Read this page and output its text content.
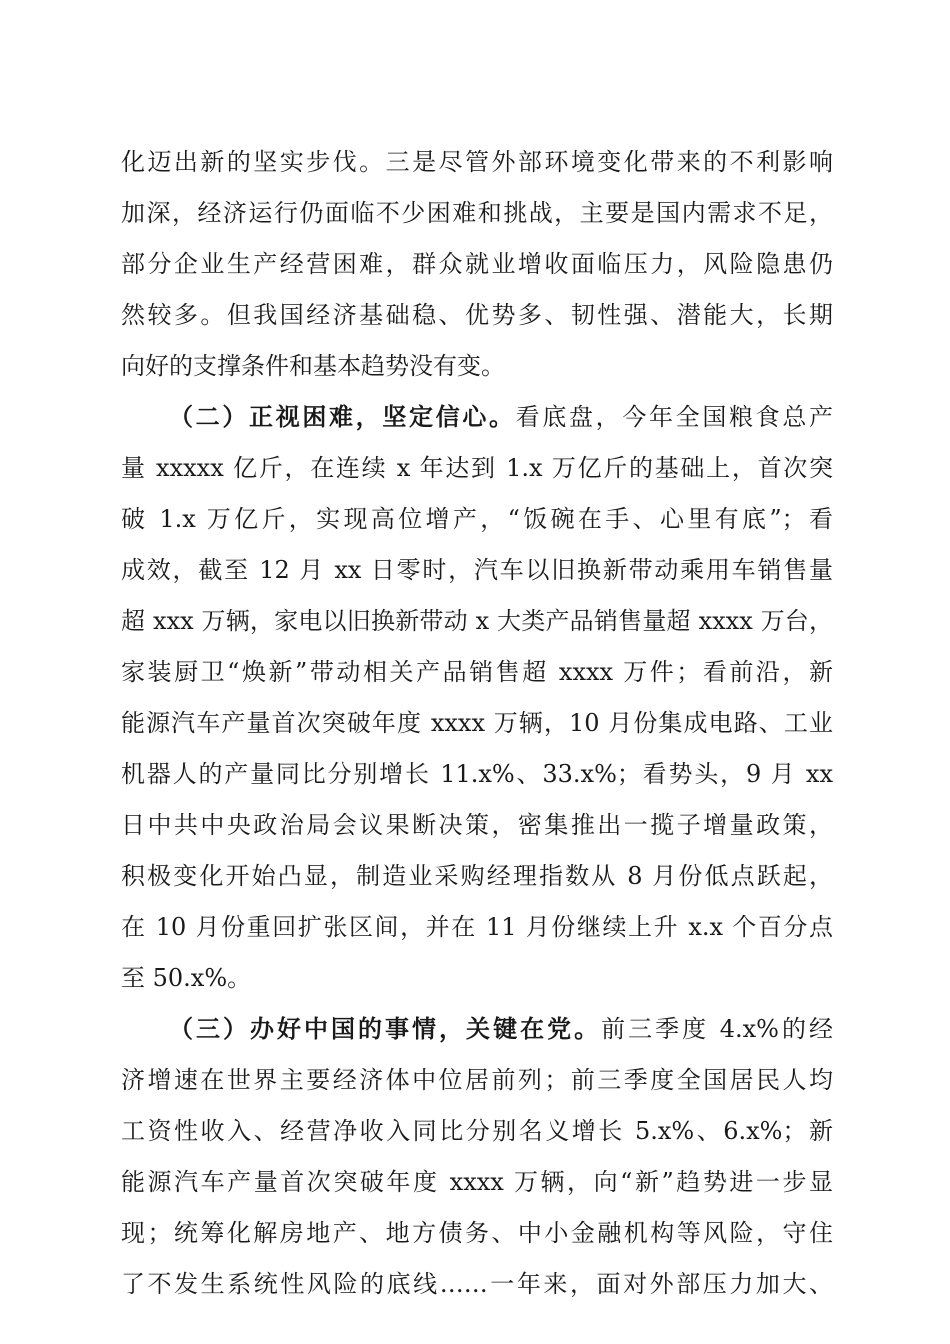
化迈出新的坚实步伐。三是尽管外部环境变化带来的不利影响
加深，经济运行仍面临不少困难和挑战，主要是国内需求不足，
部分企业生产经营困难，群众就业增收面临压力，风险隐患仍
然较多。但我国经济基础稳、优势多、韧性强、潜能大，长期
向好的支撑条件和基本趋势没有变。
（二）正视困难，坚定信心。看底盘，今年全国粮食总产
量 xxxxx 亿斤，在连续 x 年达到 1.x 万亿斤的基础上，首次突
破 1.x 万亿斤，实现高位增产，“饭碗在手、心里有底”；看
成效，截至 12 月 xx 日零时，汽车以旧换新带动乘用车销售量
超 xxx 万辆，家电以旧换新带动 x 大类产品销售量超 xxxx 万台，
家装厨卫“焕新”带动相关产品销售超 xxxx 万件；看前沿，新
能源汽车产量首次突破年度 xxxx 万辆，10 月份集成电路、工业
机器人的产量同比分别增长 11.x%、33.x%；看势头，9 月 xx
日中共中央政治局会议果断决策，密集推出一揽子增量政策，
积极变化开始凸显，制造业采购经理指数从 8 月份低点跃起，
在 10 月份重回扩张区间，并在 11 月份继续上升 x.x 个百分点
至 50.x%。
（三）办好中国的事情，关键在党。前三季度 4.x%的经
济增速在世界主要经济体中位居前列；前三季度全国居民人均
工资性收入、经营净收入同比分别名义增长 5.x%、6.x%；新
能源汽车产量首次突破年度 xxxx 万辆，向“新”趋势进一步显
现；统筹化解房地产、地方债务、中小金融机构等风险，守住
了不发生系统性风险的底线……一年来，面对外部压力加大、
